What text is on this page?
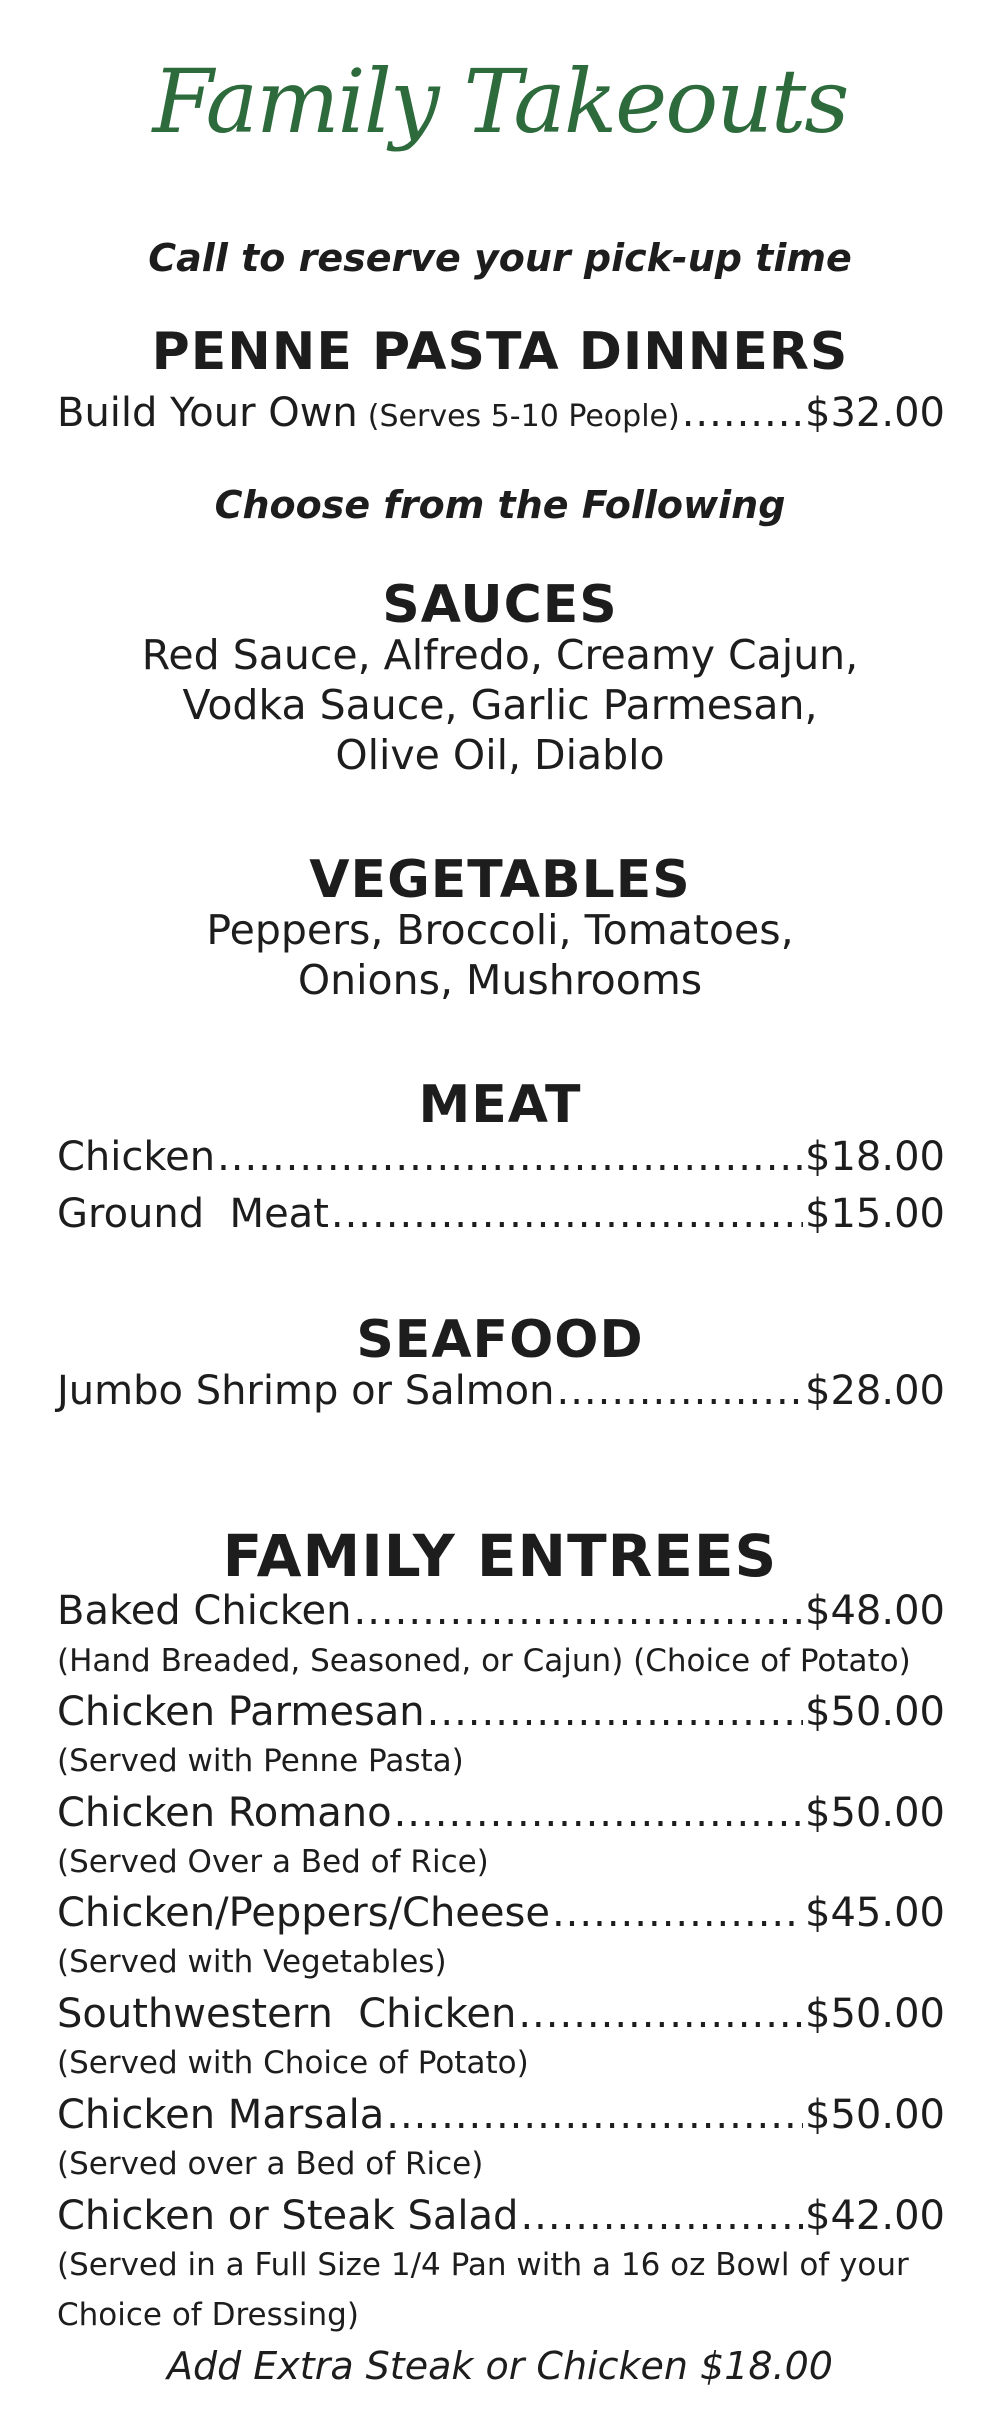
Family Takeouts
Call to reserve your pick-up time
PENNE PASTA DINNERS
Build Your Own (Serves 5-10 People) .....	$32.00
Choose from the Following
SAUCES
Red Sauce, Alfredo, Creamy Cajun,
Vodka Sauce, Garlic Parmesan,
Olive Oil, Diablo
VEGETABLES
Peppers, Broccoli, Tomatoes,
Onions, Mushrooms
MEAT
Chicken .....	$18.00
Ground  Meat .....	$15.00
SEAFOOD
Jumbo Shrimp or Salmon .....	$28.00
FAMILY ENTREES
Baked Chicken .....	$48.00
(Hand Breaded, Seasoned, or Cajun) (Choice of Potato)
Chicken Parmesan .....	$50.00
(Served with Penne Pasta)
Chicken Romano .....	$50.00
(Served Over a Bed of Rice)
Chicken/Peppers/Cheese .....	$45.00
(Served with Vegetables)
Southwestern  Chicken .....	$50.00
(Served with Choice of Potato)
Chicken Marsala .....	$50.00
(Served over a Bed of Rice)
Chicken or Steak Salad .....	$42.00
(Served in a Full Size 1/4 Pan with a 16 oz Bowl of your
Choice of Dressing)
Add Extra Steak or Chicken $18.00
